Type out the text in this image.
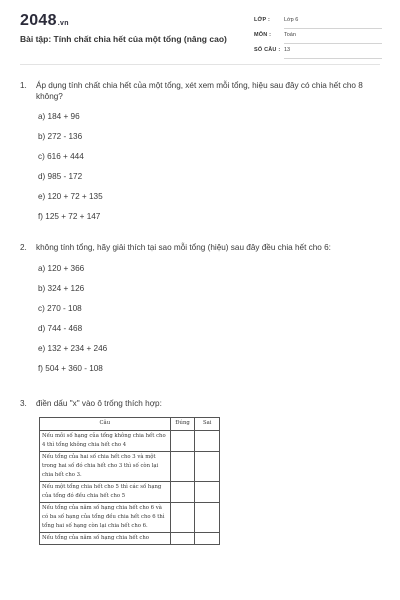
2048.vn
Bài tập: Tính chất chia hết của một tổng (nâng cao)
LỚP :	Lớp 6
MÔN : Toán
SỐ CÂU : 13
1. Áp dụng tính chất chia hết của một tổng, xét xem mỗi tổng, hiệu sau đây có chia hết cho 8 không?
a) 184 + 96
b) 272 - 136
c) 616 + 444
d) 985 - 172
e) 120 + 72 + 135
f) 125 + 72 + 147
2. không tính tổng, hãy giải thích tại sao mỗi tổng (hiệu) sau đây đều chia hết cho 6:
a) 120 + 366
b) 324 + 126
c) 270 - 108
d) 744 - 468
e) 132 + 234 + 246
f) 504 + 360 - 108
3. điền dấu "x" vào ô trống thích hợp:
Câu	Đúng	Sai
Nếu mỗi số hạng của tổng không chia hết cho 4 thì tổng không chia hết cho 4		
Nếu tổng của hai số chia hết cho 3 và một trong hai số đó chia hết cho 3 thì số còn lại chia hết cho 3.		
Nếu một tổng chia hết cho 5 thì các số hạng của tổng đó đều chia hết cho 5		
Nếu tổng của năm số hạng chia hết cho 6 và có ba số hạng của tổng đều chia hết cho 6 thì tổng hai số hạng còn lại chia hết cho 6.		
Nếu tổng của năm số hạng chia hết cho		
